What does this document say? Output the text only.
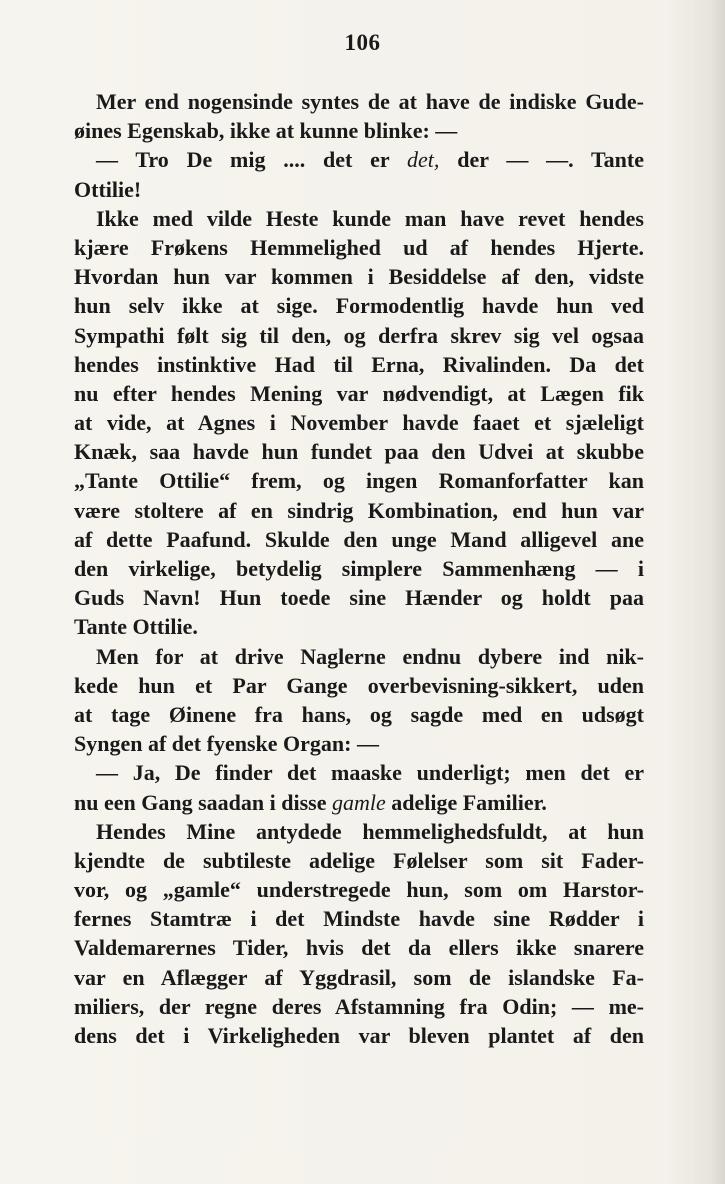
106
Mer end nogensinde syntes de at have de indiske Gude-
øines Egenskab, ikke at kunne blinke: —
— Tro De mig .... det er det, der — —. Tante
Ottilie!
Ikke med vilde Heste kunde man have revet hendes
kjære Frøkens Hemmelighed ud af hendes Hjerte.
Hvordan hun var kommen i Besiddelse af den, vidste
hun selv ikke at sige. Formodentlig havde hun ved
Sympathi følt sig til den, og derfra skrev sig vel ogsaa
hendes instinktive Had til Erna, Rivalinden. Da det
nu efter hendes Mening var nødvendigt, at Lægen fik
at vide, at Agnes i November havde faaet et sjæleligt
Knæk, saa havde hun fundet paa den Udvei at skubbe
„Tante Ottilie“ frem, og ingen Romanforfatter kan
være stoltere af en sindrig Kombination, end hun var
af dette Paafund. Skulde den unge Mand alligevel ane
den virkelige, betydelig simplere Sammenhæng — i
Guds Navn! Hun toede sine Hænder og holdt paa
Tante Ottilie.
Men for at drive Naglerne endnu dybere ind nik-
kede hun et Par Gange overbevisning-sikkert, uden
at tage Øinene fra hans, og sagde med en udsøgt
Syngen af det fyenske Organ: —
— Ja, De finder det maaske underligt; men det er
nu een Gang saadan i disse gamle adelige Familier.
Hendes Mine antydede hemmelighedsfuldt, at hun
kjendte de subtileste adelige Følelser som sit Fader-
vor, og „gamle“ understregede hun, som om Harstor-
fernes Stamtræ i det Mindste havde sine Rødder i
Valdemarernes Tider, hvis det da ellers ikke snarere
var en Aflægger af Yggdrasil, som de islandske Fa-
miliers, der regne deres Afstamning fra Odin; — me-
dens det i Virkeligheden var bleven plantet af den
